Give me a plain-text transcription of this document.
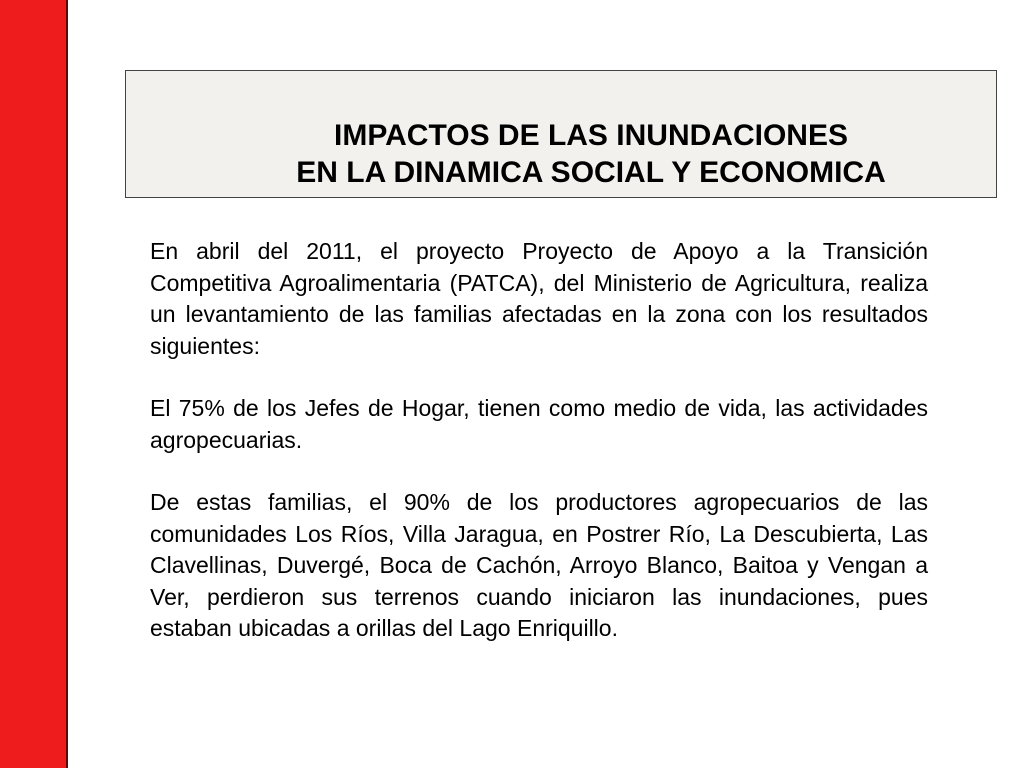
IMPACTOS DE LAS INUNDACIONES
EN LA DINAMICA SOCIAL Y ECONOMICA

En abril del 2011, el proyecto Proyecto de Apoyo a la Transición Competitiva Agroalimentaria (PATCA), del Ministerio de Agricultura, realiza un levantamiento de las familias afectadas en la zona con los resultados siguientes:

El 75% de los Jefes de Hogar, tienen como medio de vida, las actividades agropecuarias.

De estas familias, el 90% de los productores agropecuarios de las comunidades Los Ríos, Villa Jaragua, en Postrer Río, La Descubierta, Las Clavellinas, Duvergé, Boca de Cachón, Arroyo Blanco, Baitoa y Vengan a Ver, perdieron sus terrenos cuando iniciaron las inundaciones, pues estaban ubicadas a orillas del Lago Enriquillo.
